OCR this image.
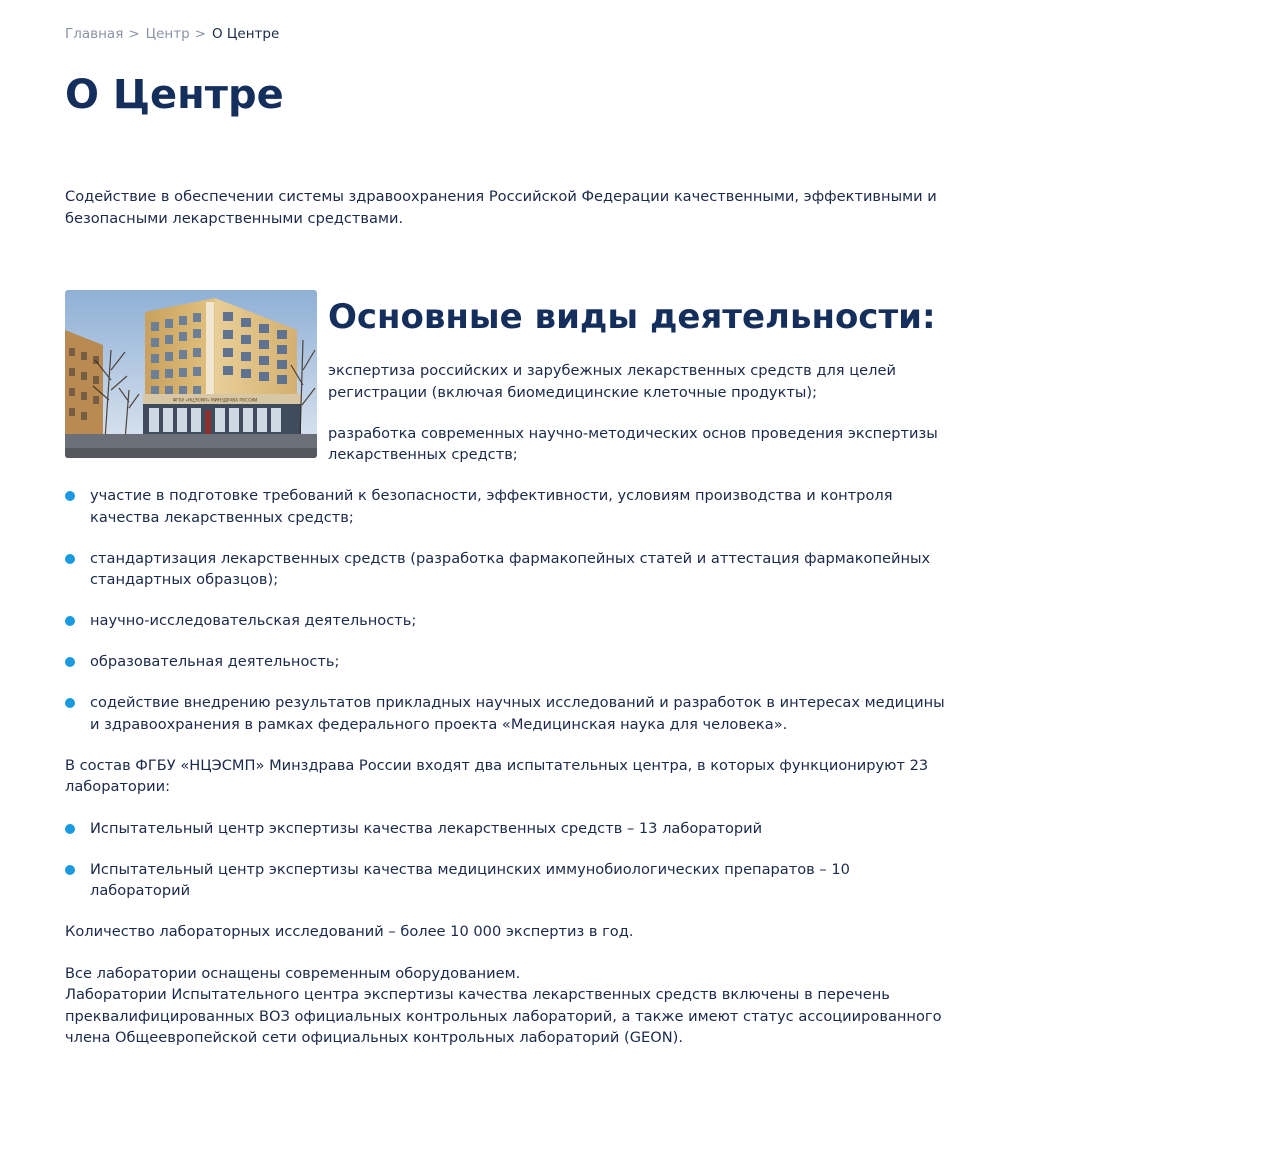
Главная > Центр > О Центре
О Центре

Содействие в обеспечении системы здравоохранения Российской Федерации качественными, эффективными и безопасными лекарственными средствами.

ФГБУ «НЦЭСМП» МИНЗДРАВА РОССИИ
Основные виды деятельности:
экспертиза российских и зарубежных лекарственных средств для целей регистрации (включая биомедицинские клеточные продукты);
разработка современных научно-методических основ проведения экспертизы лекарственных средств;
участие в подготовке требований к безопасности, эффективности, условиям производства и контроля качества лекарственных средств;
стандартизация лекарственных средств (разработка фармакопейных статей и аттестация фармакопейных стандартных образцов);
научно-исследовательская деятельность;
образовательная деятельность;
содействие внедрению результатов прикладных научных исследований и разработок в интересах медицины и здравоохранения в рамках федерального проекта «Медицинская наука для человека».

В состав ФГБУ «НЦЭСМП» Минздрава России входят два испытательных центра, в которых функционируют 23 лаборатории:

Испытательный центр экспертизы качества лекарственных средств – 13 лабораторий
Испытательный центр экспертизы качества медицинских иммунобиологических препаратов – 10 лабораторий

Количество лабораторных исследований – более 10 000 экспертиз в год.

Все лаборатории оснащены современным оборудованием.
Лаборатории Испытательного центра экспертизы качества лекарственных средств включены в перечень преквалифицированных ВОЗ официальных контрольных лабораторий, а также имеют статус ассоциированного члена Общеевропейской сети официальных контрольных лабораторий (GEON).
